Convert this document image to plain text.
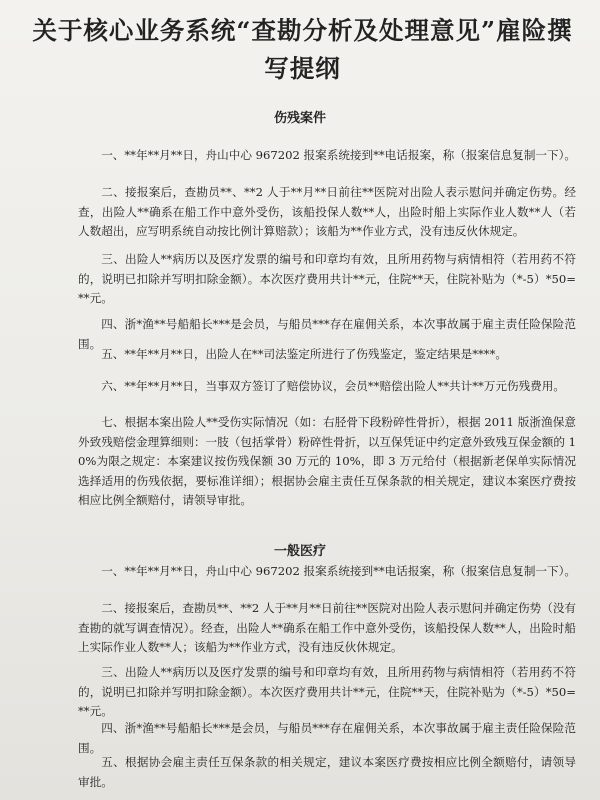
关于核心业务系统“查勘分析及处理意见”雇险撰写提纲
伤残案件

一、**年**月**日，舟山中心 967202 报案系统接到**电话报案，称（报案信息复制一下）。

二、接报案后，查勘员**、**2 人于**月**日前往**医院对出险人表示慰问并确定伤势。经查，出险人**确系在船工作中意外受伤，该船投保人数**人，出险时船上实际作业人数**人（若人数超出，应写明系统自动按比例计算赔款）；该船为**作业方式，没有违反伙休规定。

三、出险人**病历以及医疗发票的编号和印章均有效，且所用药物与病情相符（若用药不符的，说明已扣除并写明扣除金额）。本次医疗费用共计**元，住院**天，住院补贴为（*-5）*50=**元。

四、浙*渔**号船船长***是会员，与船员***存在雇佣关系，本次事故属于雇主责任险保险范围。

五、**年**月**日，出险人在**司法鉴定所进行了伤残鉴定，鉴定结果是****。

六、**年**月**日，当事双方签订了赔偿协议，会员**赔偿出险人**共计**万元伤残费用。

七、根据本案出险人**受伤实际情况（如：右胫骨下段粉碎性骨折），根据 2011 版浙渔保意外致残赔偿金理算细则：一肢（包括掌骨）粉碎性骨折，以互保凭证中约定意外致残互保金额的 10%为限之规定：本案建议按伤残保额 30 万元的 10%，即 3 万元给付（根据新老保单实际情况选择适用的伤残依据，要标准详细）；根据协会雇主责任互保条款的相关规定，建议本案医疗费按相应比例全额赔付，请领导审批。

一般医疗

一、**年**月**日，舟山中心 967202 报案系统接到**电话报案，称（报案信息复制一下）。

二、接报案后，查勘员**、**2 人于**月**日前往**医院对出险人表示慰问并确定伤势（没有查勘的就写调查情况）。经查，出险人**确系在船工作中意外受伤，该船投保人数**人，出险时船上实际作业人数**人；该船为**作业方式，没有违反伙休规定。

三、出险人**病历以及医疗发票的编号和印章均有效，且所用药物与病情相符（若用药不符的，说明已扣除并写明扣除金额）。本次医疗费用共计**元，住院**天，住院补贴为（*-5）*50=**元。

四、浙*渔**号船船长***是会员，与船员***存在雇佣关系，本次事故属于雇主责任险保险范围。

五、根据协会雇主责任互保条款的相关规定，建议本案医疗费按相应比例全额赔付，请领导审批。
